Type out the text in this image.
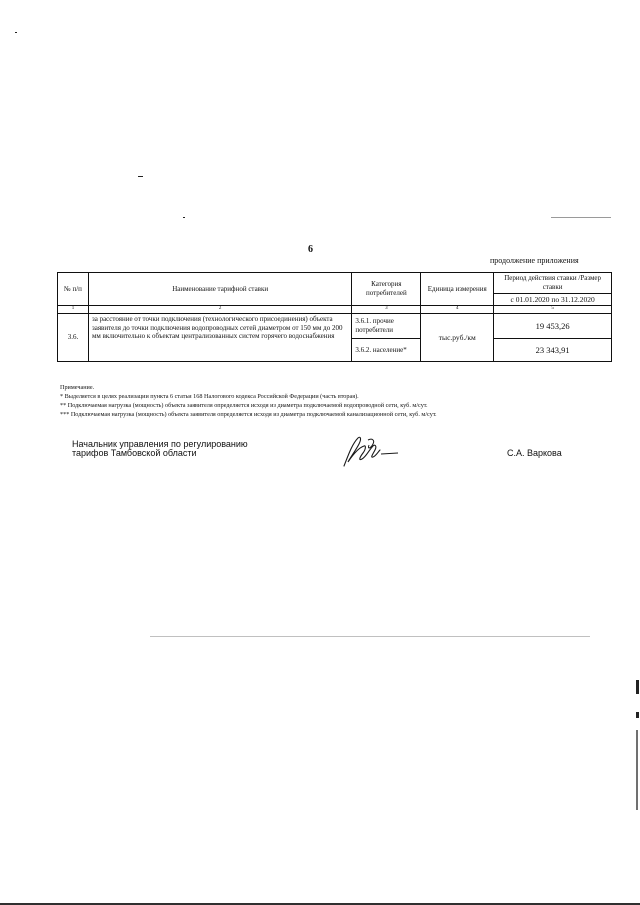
6
продолжение приложения
№ п/п	Наименование тарифной ставки	Категория потребителей	Единица измерения	Период действия ставки /Размер ставки
				с 01.01.2020 по 31.12.2020
1	2	3	4	5
3.6.	за расстояние от точки подключения (технологического присоединения) объекта заявителя до точки подключения водопроводных сетей диаметром от 150 мм до 200 мм включительно к объектам централизованных систем горячего водоснабжения	3.6.1. прочие потребители	тыс.руб./км	19 453,26
		3.6.2. население*		23 343,91
Примечание.
* Выделяется в целях реализации пункта 6 статьи 168 Налогового кодекса Российской Федерации (часть вторая).
** Подключаемая нагрузка (мощность) объекта заявителя определяется исходя из диаметра подключаемой водопроводной сети, куб. м/сут.
*** Подключаемая нагрузка (мощность) объекта заявителя определяется исходя из диаметра подключаемой канализационной сети, куб. м/сут.
Начальник управления по регулированию
тарифов Тамбовской области	С.А. Варкова
